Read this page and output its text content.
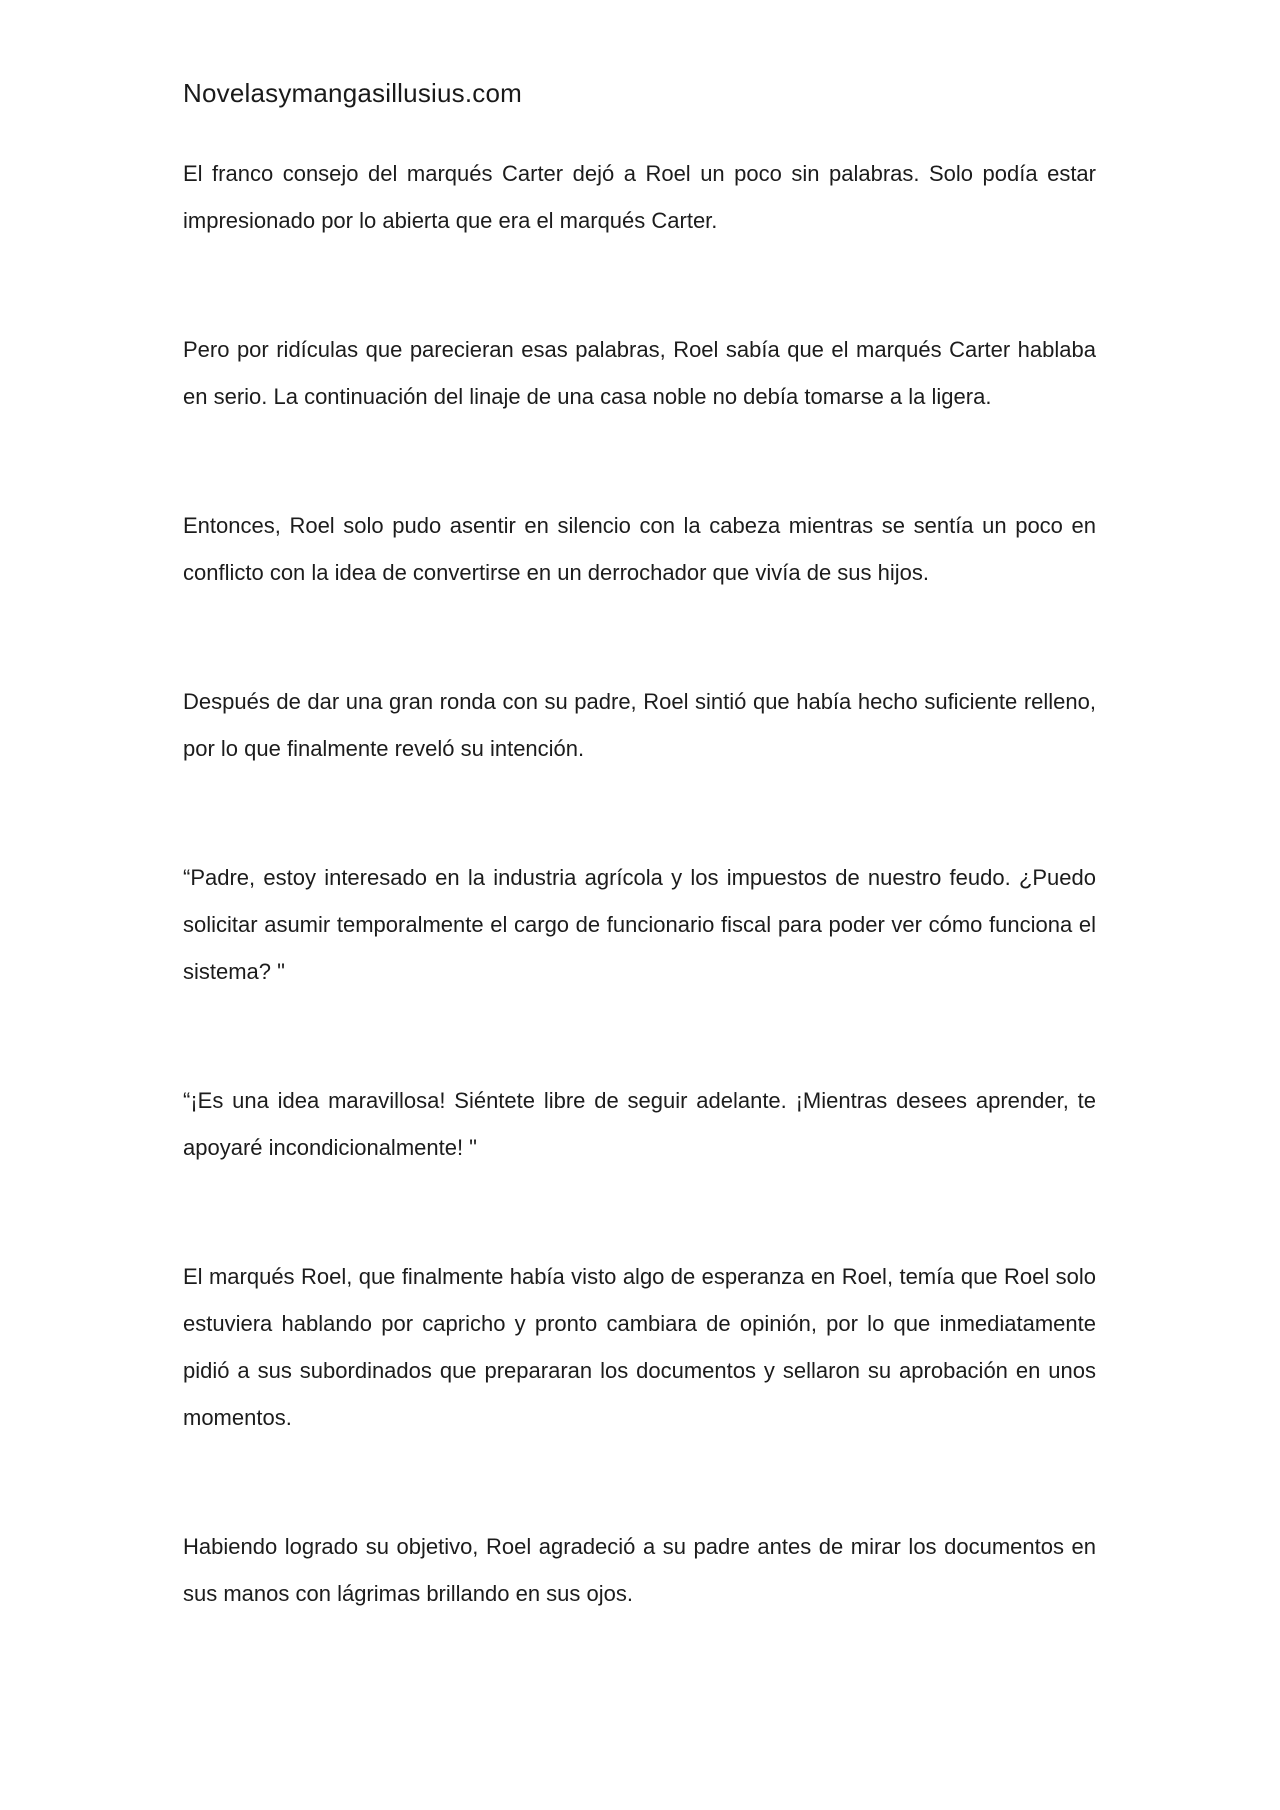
Novelasymangasillusius.com

El franco consejo del marqués Carter dejó a Roel un poco sin palabras. Solo podía estar impresionado por lo abierta que era el marqués Carter.

Pero por ridículas que parecieran esas palabras, Roel sabía que el marqués Carter hablaba en serio. La continuación del linaje de una casa noble no debía tomarse a la ligera.

Entonces, Roel solo pudo asentir en silencio con la cabeza mientras se sentía un poco en conflicto con la idea de convertirse en un derrochador que vivía de sus hijos.

Después de dar una gran ronda con su padre, Roel sintió que había hecho suficiente relleno, por lo que finalmente reveló su intención.

“Padre, estoy interesado en la industria agrícola y los impuestos de nuestro feudo. ¿Puedo solicitar asumir temporalmente el cargo de funcionario fiscal para poder ver cómo funciona el sistema? "

“¡Es una idea maravillosa! Siéntete libre de seguir adelante. ¡Mientras desees aprender, te apoyaré incondicionalmente! "

El marqués Roel, que finalmente había visto algo de esperanza en Roel, temía que Roel solo estuviera hablando por capricho y pronto cambiara de opinión, por lo que inmediatamente pidió a sus subordinados que prepararan los documentos y sellaron su aprobación en unos momentos.

Habiendo logrado su objetivo, Roel agradeció a su padre antes de mirar los documentos en sus manos con lágrimas brillando en sus ojos.
